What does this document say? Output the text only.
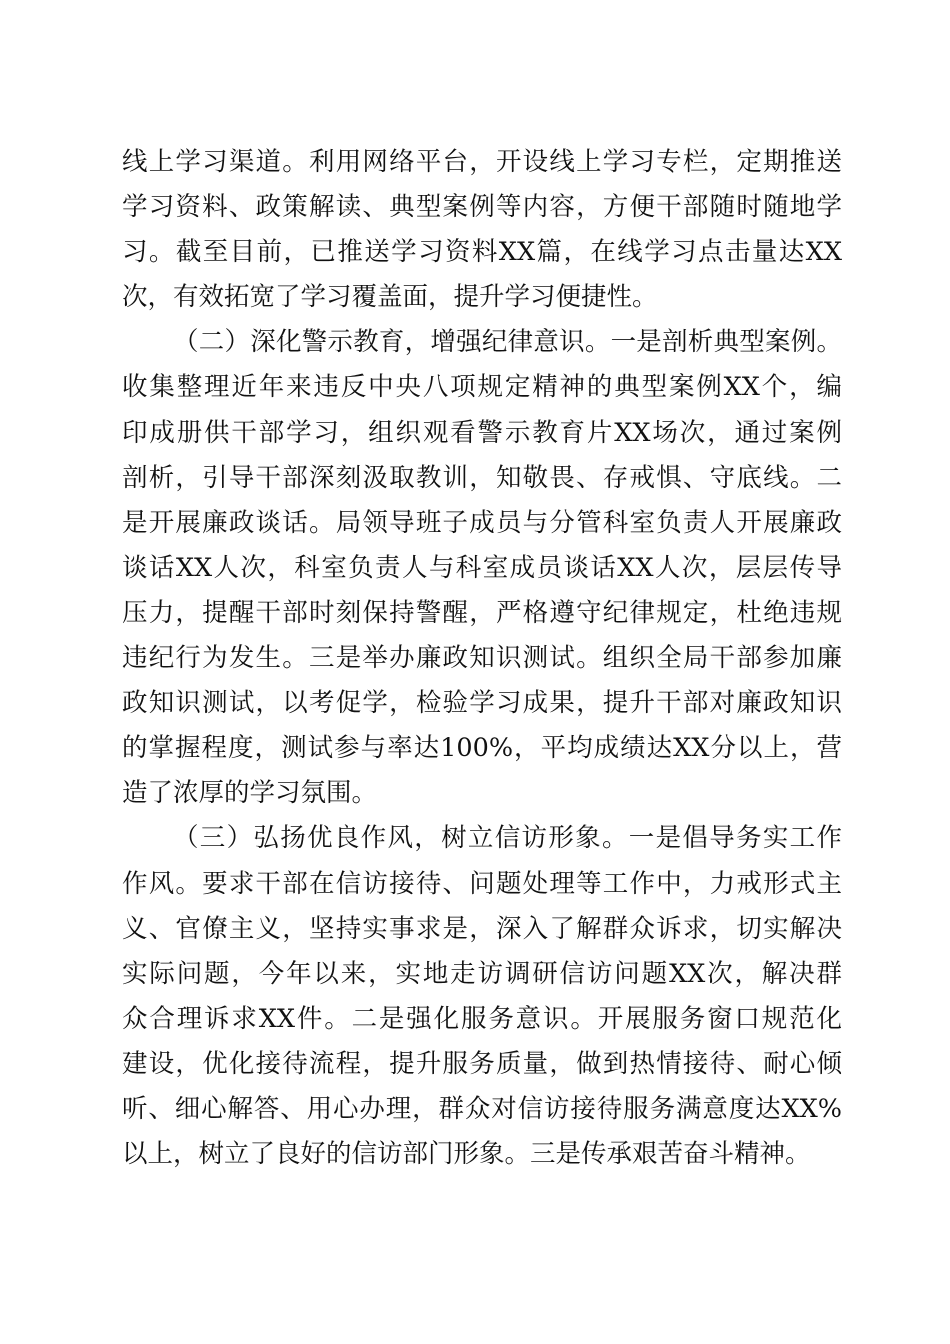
线上学习渠道。利用网络平台，开设线上学习专栏，定期推送
学习资料、政策解读、典型案例等内容，方便干部随时随地学
习。截至目前，已推送学习资料XX篇，在线学习点击量达XX
次，有效拓宽了学习覆盖面，提升学习便捷性。
（二）深化警示教育，增强纪律意识。一是剖析典型案例。
收集整理近年来违反中央八项规定精神的典型案例XX个，编
印成册供干部学习，组织观看警示教育片XX场次，通过案例
剖析，引导干部深刻汲取教训，知敬畏、存戒惧、守底线。二
是开展廉政谈话。局领导班子成员与分管科室负责人开展廉政
谈话XX人次，科室负责人与科室成员谈话XX人次，层层传导
压力，提醒干部时刻保持警醒，严格遵守纪律规定，杜绝违规
违纪行为发生。三是举办廉政知识测试。组织全局干部参加廉
政知识测试，以考促学，检验学习成果，提升干部对廉政知识
的掌握程度，测试参与率达100%，平均成绩达XX分以上，营
造了浓厚的学习氛围。
（三）弘扬优良作风，树立信访形象。一是倡导务实工作
作风。要求干部在信访接待、问题处理等工作中，力戒形式主
义、官僚主义，坚持实事求是，深入了解群众诉求，切实解决
实际问题，今年以来，实地走访调研信访问题XX次，解决群
众合理诉求XX件。二是强化服务意识。开展服务窗口规范化
建设，优化接待流程，提升服务质量，做到热情接待、耐心倾
听、细心解答、用心办理，群众对信访接待服务满意度达XX%
以上，树立了良好的信访部门形象。三是传承艰苦奋斗精神。
